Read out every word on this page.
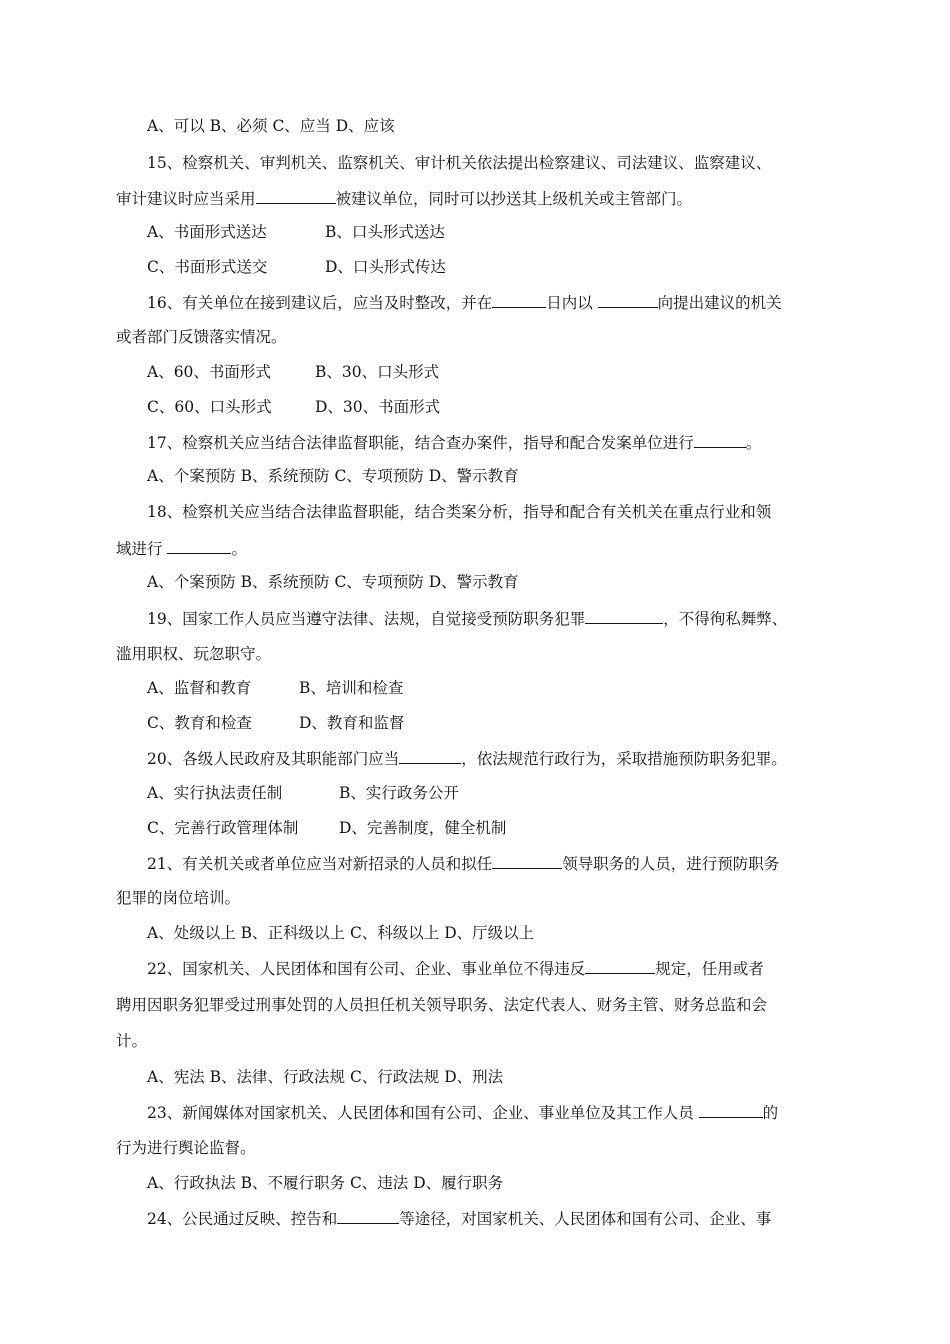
A、可以 B、必须 C、应当 D、应该
15、检察机关、审判机关、监察机关、审计机关依法提出检察建议、司法建议、监察建议、
审计建议时应当采用	被建议单位，同时可以抄送其上级机关或主管部门。
A、书面形式送达	B、口头形式送达
C、书面形式送交	D、口头形式传达
16、有关单位在接到建议后，应当及时整改，并在	日内以	向提出建议的机关
或者部门反馈落实情况。
A、60、书面形式	B、30、口头形式
C、60、口头形式	D、30、书面形式
17、检察机关应当结合法律监督职能，结合查办案件，指导和配合发案单位进行	。
A、个案预防 B、系统预防 C、专项预防 D、警示教育
18、检察机关应当结合法律监督职能，结合类案分析，指导和配合有关机关在重点行业和领
域进行	。
A、个案预防 B、系统预防 C、专项预防 D、警示教育
19、国家工作人员应当遵守法律、法规，自觉接受预防职务犯罪	，不得徇私舞弊、
滥用职权、玩忽职守。
A、监督和教育	B、培训和检查
C、教育和检查	D、教育和监督
20、各级人民政府及其职能部门应当	，依法规范行政行为，采取措施预防职务犯罪。
A、实行执法责任制	B、实行政务公开
C、完善行政管理体制	D、完善制度，健全机制
21、有关机关或者单位应当对新招录的人员和拟任	领导职务的人员，进行预防职务
犯罪的岗位培训。
A、处级以上 B、正科级以上 C、科级以上 D、厅级以上
22、国家机关、人民团体和国有公司、企业、事业单位不得违反	规定，任用或者
聘用因职务犯罪受过刑事处罚的人员担任机关领导职务、法定代表人、财务主管、财务总监和会
计。
A、宪法 B、法律、行政法规 C、行政法规 D、刑法
23、新闻媒体对国家机关、人民团体和国有公司、企业、事业单位及其工作人员	的
行为进行舆论监督。
A、行政执法 B、不履行职务 C、违法 D、履行职务
24、公民通过反映、控告和	等途径，对国家机关、人民团体和国有公司、企业、事
